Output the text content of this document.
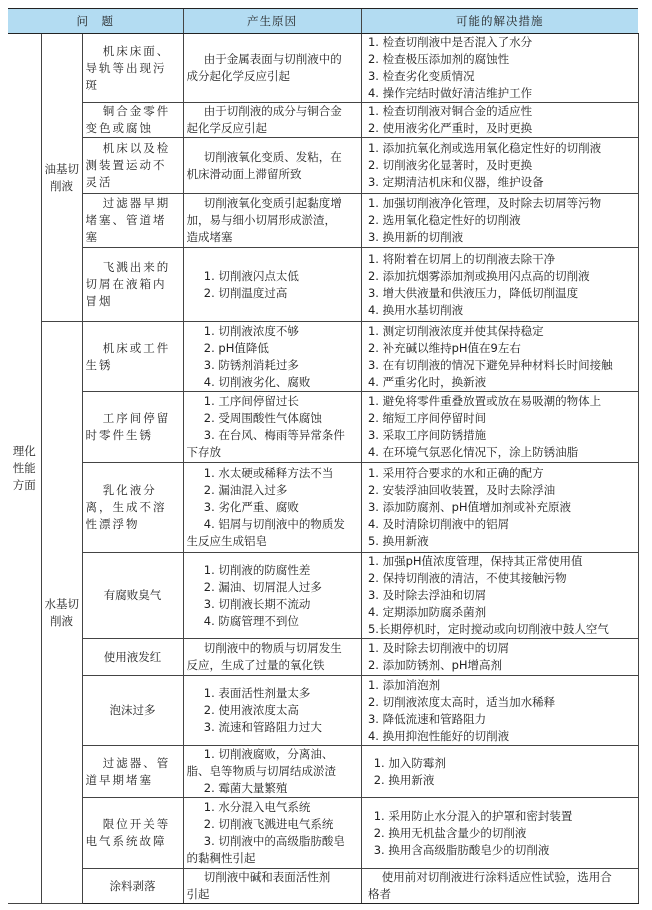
问　题			产生原因	可能的解决措施

理化
性能
方面	油基切
削液	机床床面、
导轨等出现污
斑	由于金属表面与切削液中的
成分起化学反应引起	1. 检查切削液中是否混入了水分
2. 检查极压添加剂的腐蚀性
3. 检查劣化变质情况
4. 操作完结时做好清洁维护工作

		铜合金零件
变色或腐蚀	由于切削液的成分与铜合金
起化学反应引起	1. 检查切削液对铜合金的适应性
2. 使用液劣化严重时，及时更换

		机床以及检
测装置运动不
灵活	切削液氧化变质、发粘，在
机床滑动面上滞留所致	1. 添加抗氧化剂或选用氧化稳定性好的切削液
2. 切削液劣化显著时，及时更换
3. 定期清洁机床和仪器，维护设备

		过滤器早期
堵塞、管道堵
塞	切削液氧化变质引起黏度增
加，易与细小切屑形成淤渣，
造成堵塞	1. 加强切削液净化管理，及时除去切屑等污物
2. 选用氧化稳定性好的切削液
3. 换用新的切削液

		飞溅出来的
切屑在液箱内
冒烟	1. 切削液闪点太低
2. 切削温度过高	1. 将附着在切屑上的切削液去除干净
2. 添加抗烟雾添加剂或换用闪点高的切削液
3. 增大供液量和供液压力，降低切削温度
4. 换用水基切削液

	水基切
削液	机床或工件
生锈	1. 切削液浓度不够
2. pH值降低
3. 防锈剂消耗过多
4. 切削液劣化、腐败	1. 测定切削液浓度并使其保持稳定
2. 补充碱以维持pH值在9左右
3. 在有切削液的情况下避免异种材料长时间接触
4. 严重劣化时，换新液

		工序间停留
时零件生锈	1. 工序间停留过长
2. 受周围酸性气体腐蚀
3. 在台风、梅雨等异常条件
下存放	1. 避免将零件重叠放置或放在易吸潮的物体上
2. 缩短工序间停留时间
3. 采取工序间防锈措施
4. 在环境气氛恶化情况下，涂上防锈油脂

		乳化液分
离，生成不溶
性漂浮物	1. 水太硬或稀释方法不当
2. 漏油混入过多
3. 劣化严重、腐败
4. 铝屑与切削液中的物质发
生反应生成铝皂	1. 采用符合要求的水和正确的配方
2. 安装浮油回收装置，及时去除浮油
3. 添加防腐剂、pH值增加剂或补充原液
4. 及时清除切削液中的铝屑
5. 换用新液

		有腐败臭气	1. 切削液的防腐性差
2. 漏油、切屑混人过多
3. 切削液长期不流动
4. 防腐管理不到位	1. 加强pH值浓度管理，保持其正常使用值
2. 保持切削液的清洁，不使其接触污物
3. 及时除去浮油和切屑
4. 定期添加防腐杀菌剂
5.长期停机时，定时搅动或向切削液中鼓人空气

		使用液发红	切削液中的物质与切屑发生
反应，生成了过量的氧化铁	1. 及时除去切削液中的切屑
2. 添加防锈剂、pH增高剂

		泡沫过多	1. 表面活性剂量太多
2. 使用液浓度太高
3. 流速和管路阻力过大	1. 添加消泡剂
2. 切削液浓度太高时，适当加水稀释
3. 降低流速和管路阻力
4. 换用抑泡性能好的切削液

		过滤器、管
道早期堵塞	1. 切削液腐败，分离油、
脂、皂等物质与切屑结成淤渣
2. 霉菌大量繁殖	1. 加入防霉剂
2. 换用新液

		限位开关等
电气系统故障	1. 水分混入电气系统
2. 切削液飞溅进电气系统
3. 切削液中的高级脂肪酸皂
的黏稠性引起	1. 采用防止水分混入的护罩和密封装置
2. 换用无机盐含量少的切削液
3. 换用含高级脂肪酸皂少的切削液

		涂料剥落	切削液中碱和表面活性剂
引起	使用前对切削液进行涂料适应性试验，选用合
格者
